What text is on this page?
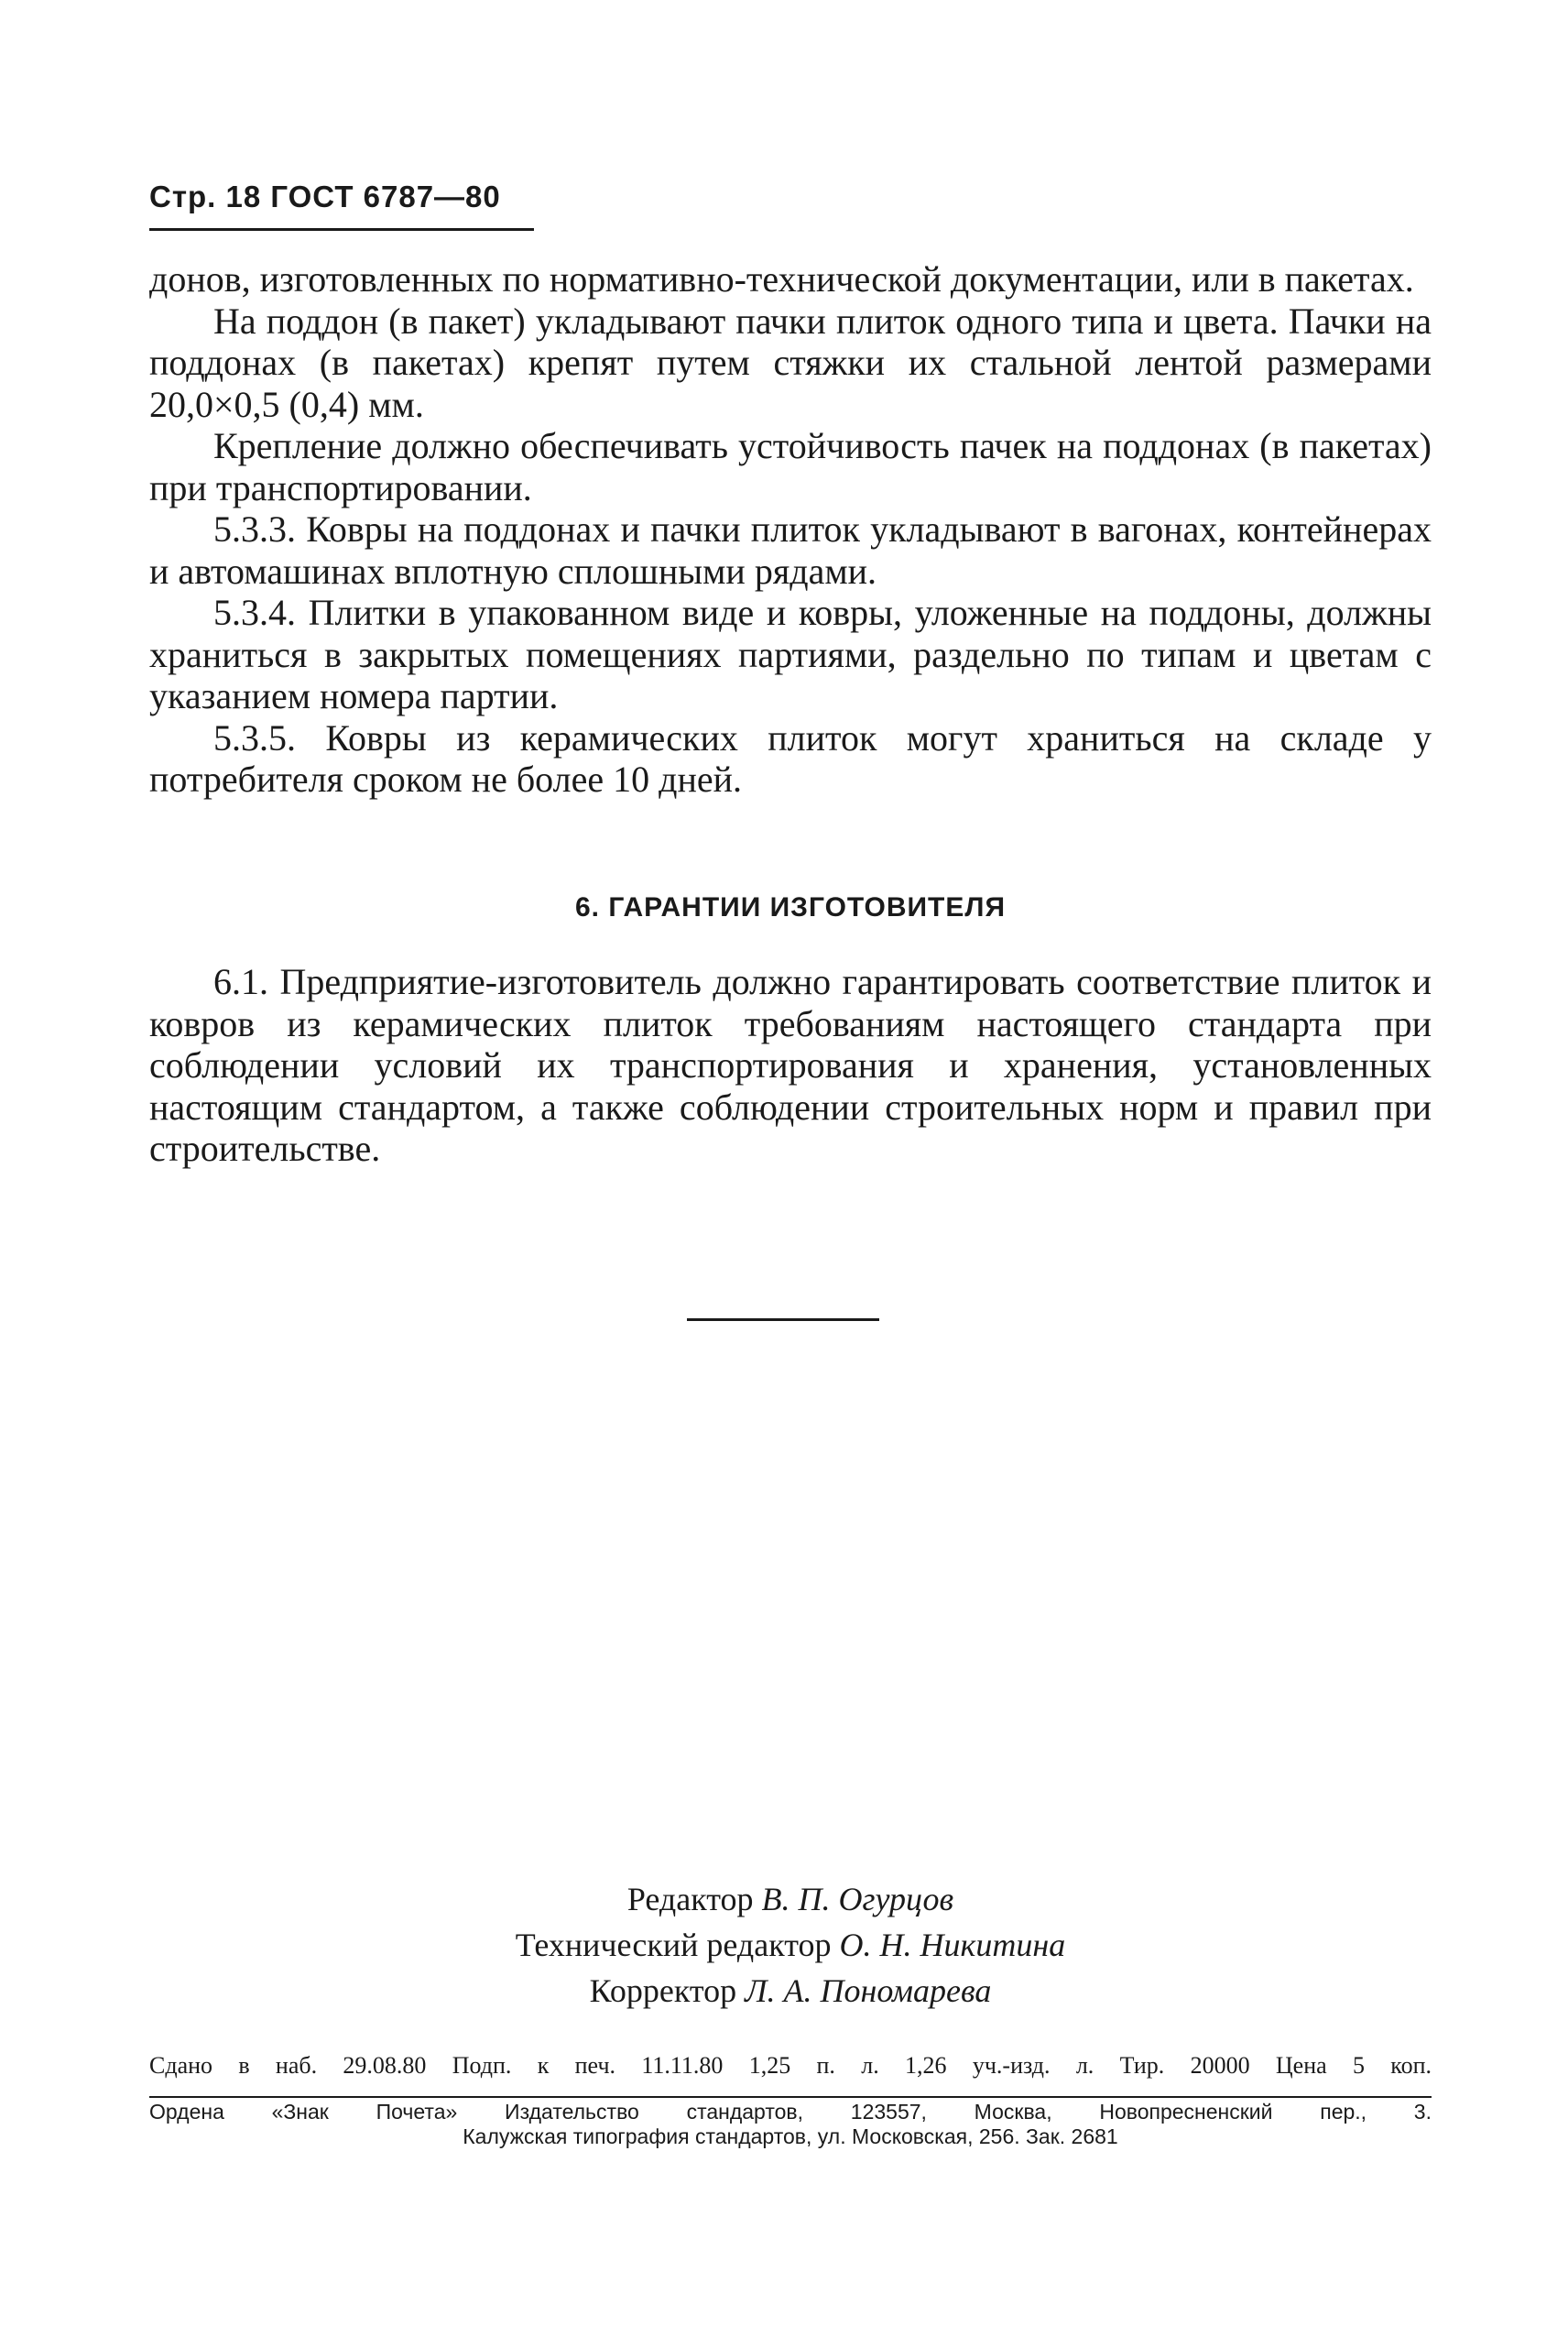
Стр. 18 ГОСТ 6787—80

донов, изготовленных по нормативно-технической документации, или в пакетах.

На поддон (в пакет) укладывают пачки плиток одного типа и цвета. Пачки на поддонах (в пакетах) крепят путем стяжки их стальной лентой размерами 20,0×0,5 (0,4) мм.

Крепление должно обеспечивать устойчивость пачек на поддонах (в пакетах) при транспортировании.

5.3.3. Ковры на поддонах и пачки плиток укладывают в вагонах, контейнерах и автомашинах вплотную сплошными рядами.

5.3.4. Плитки в упакованном виде и ковры, уложенные на поддоны, должны храниться в закрытых помещениях партиями, раздельно по типам и цветам с указанием номера партии.

5.3.5. Ковры из керамических плиток могут храниться на складе у потребителя сроком не более 10 дней.

6. ГАРАНТИИ ИЗГОТОВИТЕЛЯ

6.1. Предприятие-изготовитель должно гарантировать соответствие плиток и ковров из керамических плиток требованиям настоящего стандарта при соблюдении условий их транспортирования и хранения, установленных настоящим стандартом, а также соблюдении строительных норм и правил при строительстве.

Редактор В. П. Огурцов
Технический редактор О. Н. Никитина
Корректор Л. А. Пономарева
Сдано в наб. 29.08.80 Подп. к печ. 11.11.80 1,25 п. л. 1,26 уч.-изд. л. Тир. 20000 Цена 5 коп.
Ордена «Знак Почета» Издательство стандартов, 123557, Москва, Новопресненский пер., 3.
Калужская типография стандартов, ул. Московская, 256. Зак. 2681
